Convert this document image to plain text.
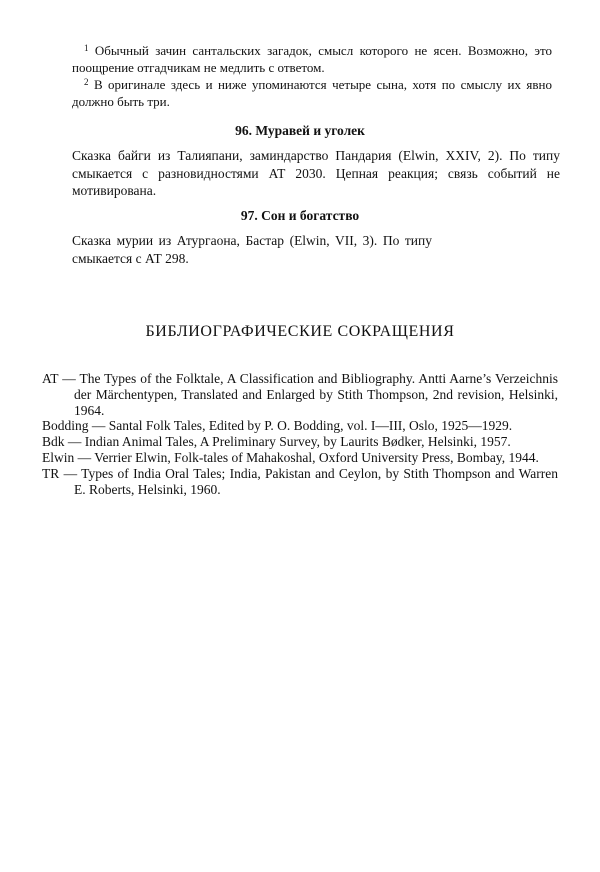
$^1$ Обычный зачин сантальских загадок, смысл которого не ясен. Возможно, это поощрение отгадчикам не медлить с ответом.
$^2$ В оригинале здесь и ниже упоминаются четыре сына, хотя по смыслу их явно должно быть три.
96. Муравей и уголек
Сказка байги из Талияпани, заминдарство Пандария (Elwin, XXIV, 2). По типу смыкается с разновидностями АТ 2030. Цепная реакция; связь событий не мотивирована.
97. Сон и богатство
Сказка мурии из Атургаона, Бастар (Elwin, VII, 3). По типу смыкается с АТ 298.
БИБЛИОГРАФИЧЕСКИЕ СОКРАЩЕНИЯ

AT — The Types of the Folktale, A Classification and Bibliography. Antti Aarne’s Verzeichnis der Märchentypen, Translated and Enlarged by Stith Thompson, 2nd revision, Helsinki, 1964.

Bodding — Santal Folk Tales, Edited by P. O. Bodding, vol. I—III, Oslo, 1925—1929.

Bdk — Indian Animal Tales, A Preliminary Survey, by Laurits Bødker, Helsinki, 1957.

Elwin — Verrier Elwin, Folk-tales of Mahakoshal, Oxford University Press, Bombay, 1944.

TR — Types of India Oral Tales; India, Pakistan and Ceylon, by Stith Thompson and Warren E. Roberts, Helsinki, 1960.
